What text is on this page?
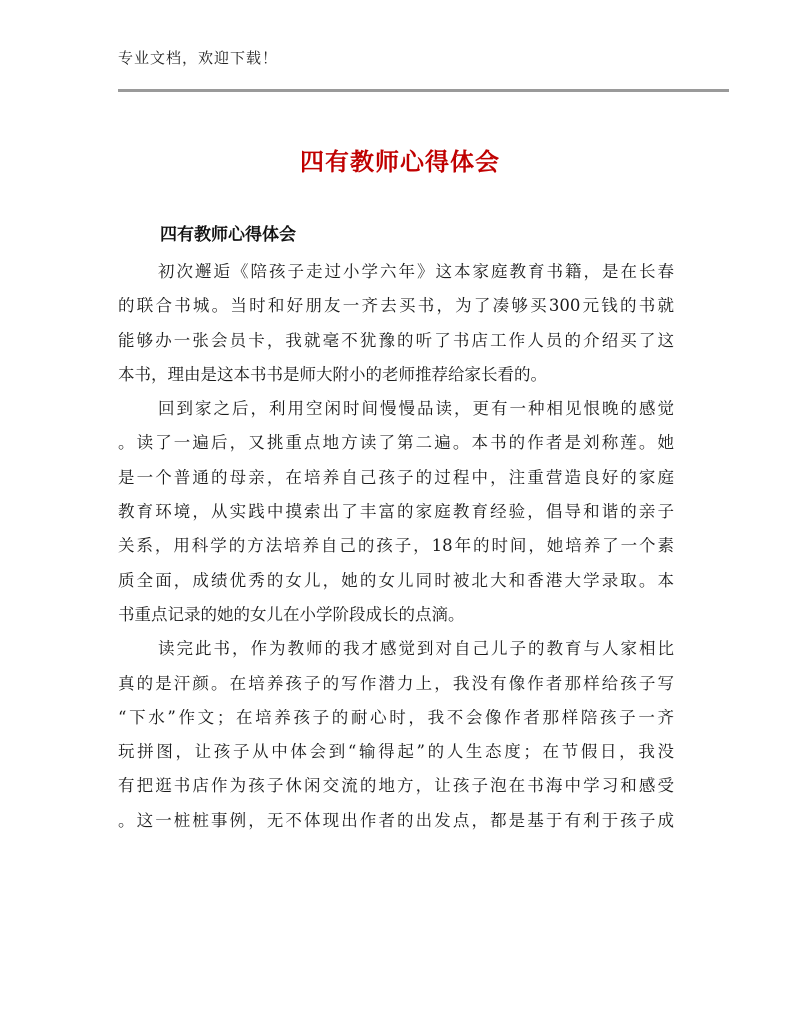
专业文档，欢迎下载！
四有教师心得体会
四有教师心得体会
初次邂逅《陪孩子走过小学六年》这本家庭教育书籍，是在长春
的联合书城。当时和好朋友一齐去买书，为了凑够买300元钱的书就
能够办一张会员卡，我就毫不犹豫的听了书店工作人员的介绍买了这
本书，理由是这本书书是师大附小的老师推荐给家长看的。
回到家之后，利用空闲时间慢慢品读，更有一种相见恨晚的感觉
。读了一遍后，又挑重点地方读了第二遍。本书的作者是刘称莲。她
是一个普通的母亲，在培养自己孩子的过程中，注重营造良好的家庭
教育环境，从实践中摸索出了丰富的家庭教育经验，倡导和谐的亲子
关系，用科学的方法培养自己的孩子，18年的时间，她培养了一个素
质全面，成绩优秀的女儿，她的女儿同时被北大和香港大学录取。本
书重点记录的她的女儿在小学阶段成长的点滴。
读完此书，作为教师的我才感觉到对自己儿子的教育与人家相比
真的是汗颜。在培养孩子的写作潜力上，我没有像作者那样给孩子写
“下水”作文；在培养孩子的耐心时，我不会像作者那样陪孩子一齐
玩拼图，让孩子从中体会到“输得起”的人生态度；在节假日，我没
有把逛书店作为孩子休闲交流的地方，让孩子泡在书海中学习和感受
。这一桩桩事例，无不体现出作者的出发点，都是基于有利于孩子成
